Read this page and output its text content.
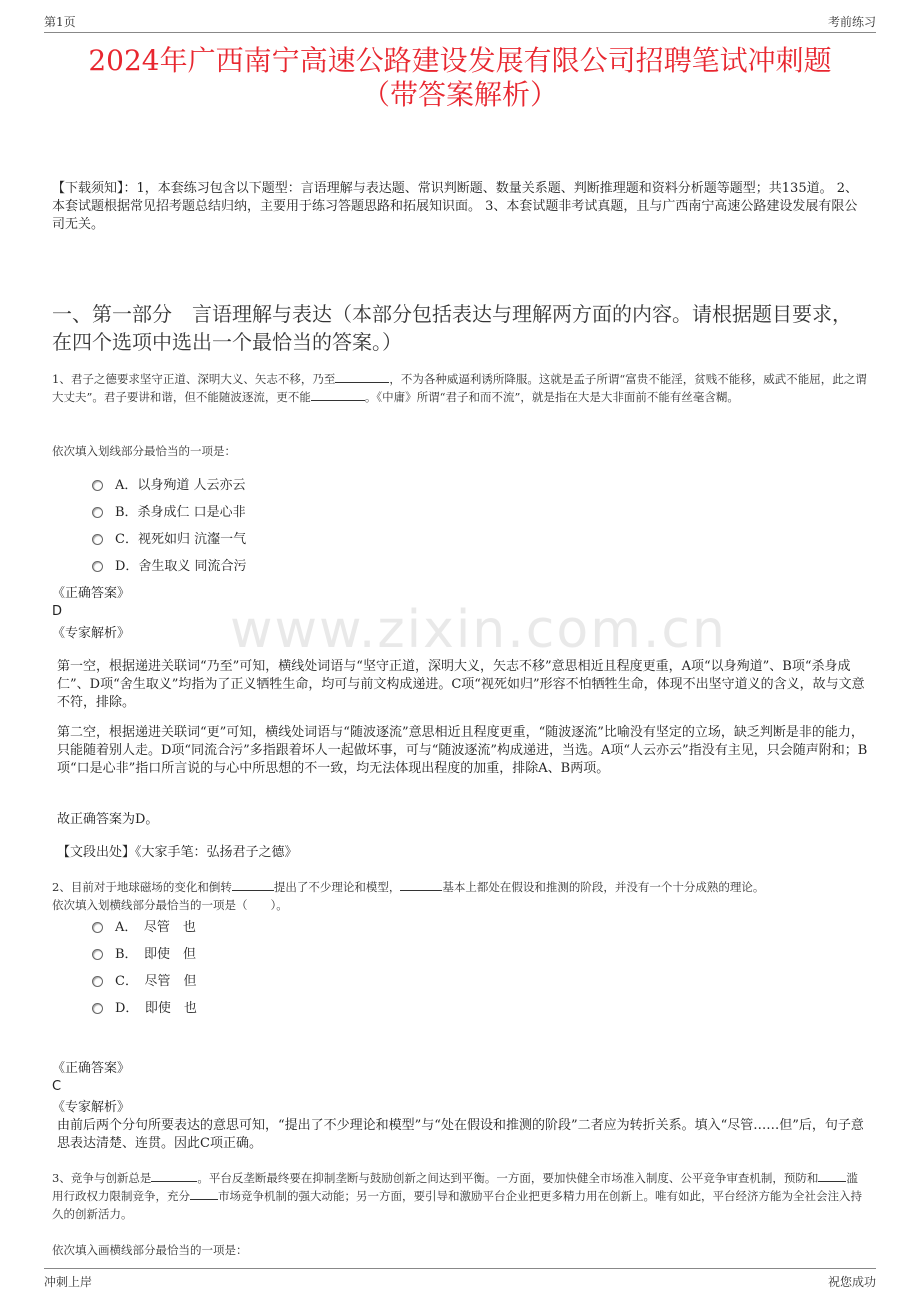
第1页	考前练习
www.zixin.com.cn
2024年广西南宁高速公路建设发展有限公司招聘笔试冲刺题
（带答案解析）
【下载须知】：1，本套练习包含以下题型：言语理解与表达题、常识判断题、数量关系题、判断推理题和资料分析题等题型；共135道。 2、本套试题根据常见招考题总结归纳，主要用于练习答题思路和拓展知识面。 3、本套试题非考试真题，且与广西南宁高速公路建设发展有限公司无关。
一、第一部分　言语理解与表达（本部分包括表达与理解两方面的内容。请根据题目要求，在四个选项中选出一个最恰当的答案。）
1、君子之德要求坚守正道、深明大义、矢志不移，乃至	，不为各种威逼利诱所降服。这就是孟子所谓“富贵不能淫，贫贱不能移，威武不能屈，此之谓大丈夫”。君子要讲和谐，但不能随波逐流，更不能	。《中庸》所谓“君子和而不流”，就是指在大是大非面前不能有丝毫含糊。
依次填入划线部分最恰当的一项是：
A．以身殉道 人云亦云
B．杀身成仁 口是心非
C．视死如归 沆瀣一气
D．舍生取义 同流合污
《正确答案》
D
《专家解析》
第一空，根据递进关联词“乃至”可知，横线处词语与“坚守正道，深明大义，矢志不移”意思相近且程度更重，A项“以身殉道”、B项“杀身成仁”、D项“舍生取义”均指为了正义牺牲生命，均可与前文构成递进。C项“视死如归”形容不怕牺牲生命，体现不出坚守道义的含义，故与文意不符，排除。
第二空，根据递进关联词“更”可知，横线处词语与“随波逐流”意思相近且程度更重，“随波逐流”比喻没有坚定的立场，缺乏判断是非的能力，只能随着别人走。D项“同流合污”多指跟着坏人一起做坏事，可与“随波逐流”构成递进，当选。A项“人云亦云”指没有主见，只会随声附和；B项“口是心非”指口所言说的与心中所思想的不一致，均无法体现出程度的加重，排除A、B两项。
故正确答案为D。
【文段出处】《大家手笔：弘扬君子之德》
2、目前对于地球磁场的变化和倒转	提出了不少理论和模型，	基本上都处在假设和推测的阶段，并没有一个十分成熟的理论。
依次填入划横线部分最恰当的一项是（　　）。
A．　尽管　也
B．　即使　但
C．　尽管　但
D．　即使　也
《正确答案》
C
《专家解析》
由前后两个分句所要表达的意思可知，“提出了不少理论和模型”与“处在假设和推测的阶段”二者应为转折关系。填入“尽管……但”后，句子意思表达清楚、连贯。因此C项正确。
3、竞争与创新总是	。平台反垄断最终要在抑制垄断与鼓励创新之间达到平衡。一方面，要加快健全市场准入制度、公平竞争审查机制，预防和 滥用行政权力限制竞争，充分 市场竞争机制的强大动能；另一方面，要引导和激励平台企业把更多精力用在创新上。唯有如此，平台经济方能为全社会注入持久的创新活力。
依次填入画横线部分最恰当的一项是：
冲刺上岸	祝您成功
